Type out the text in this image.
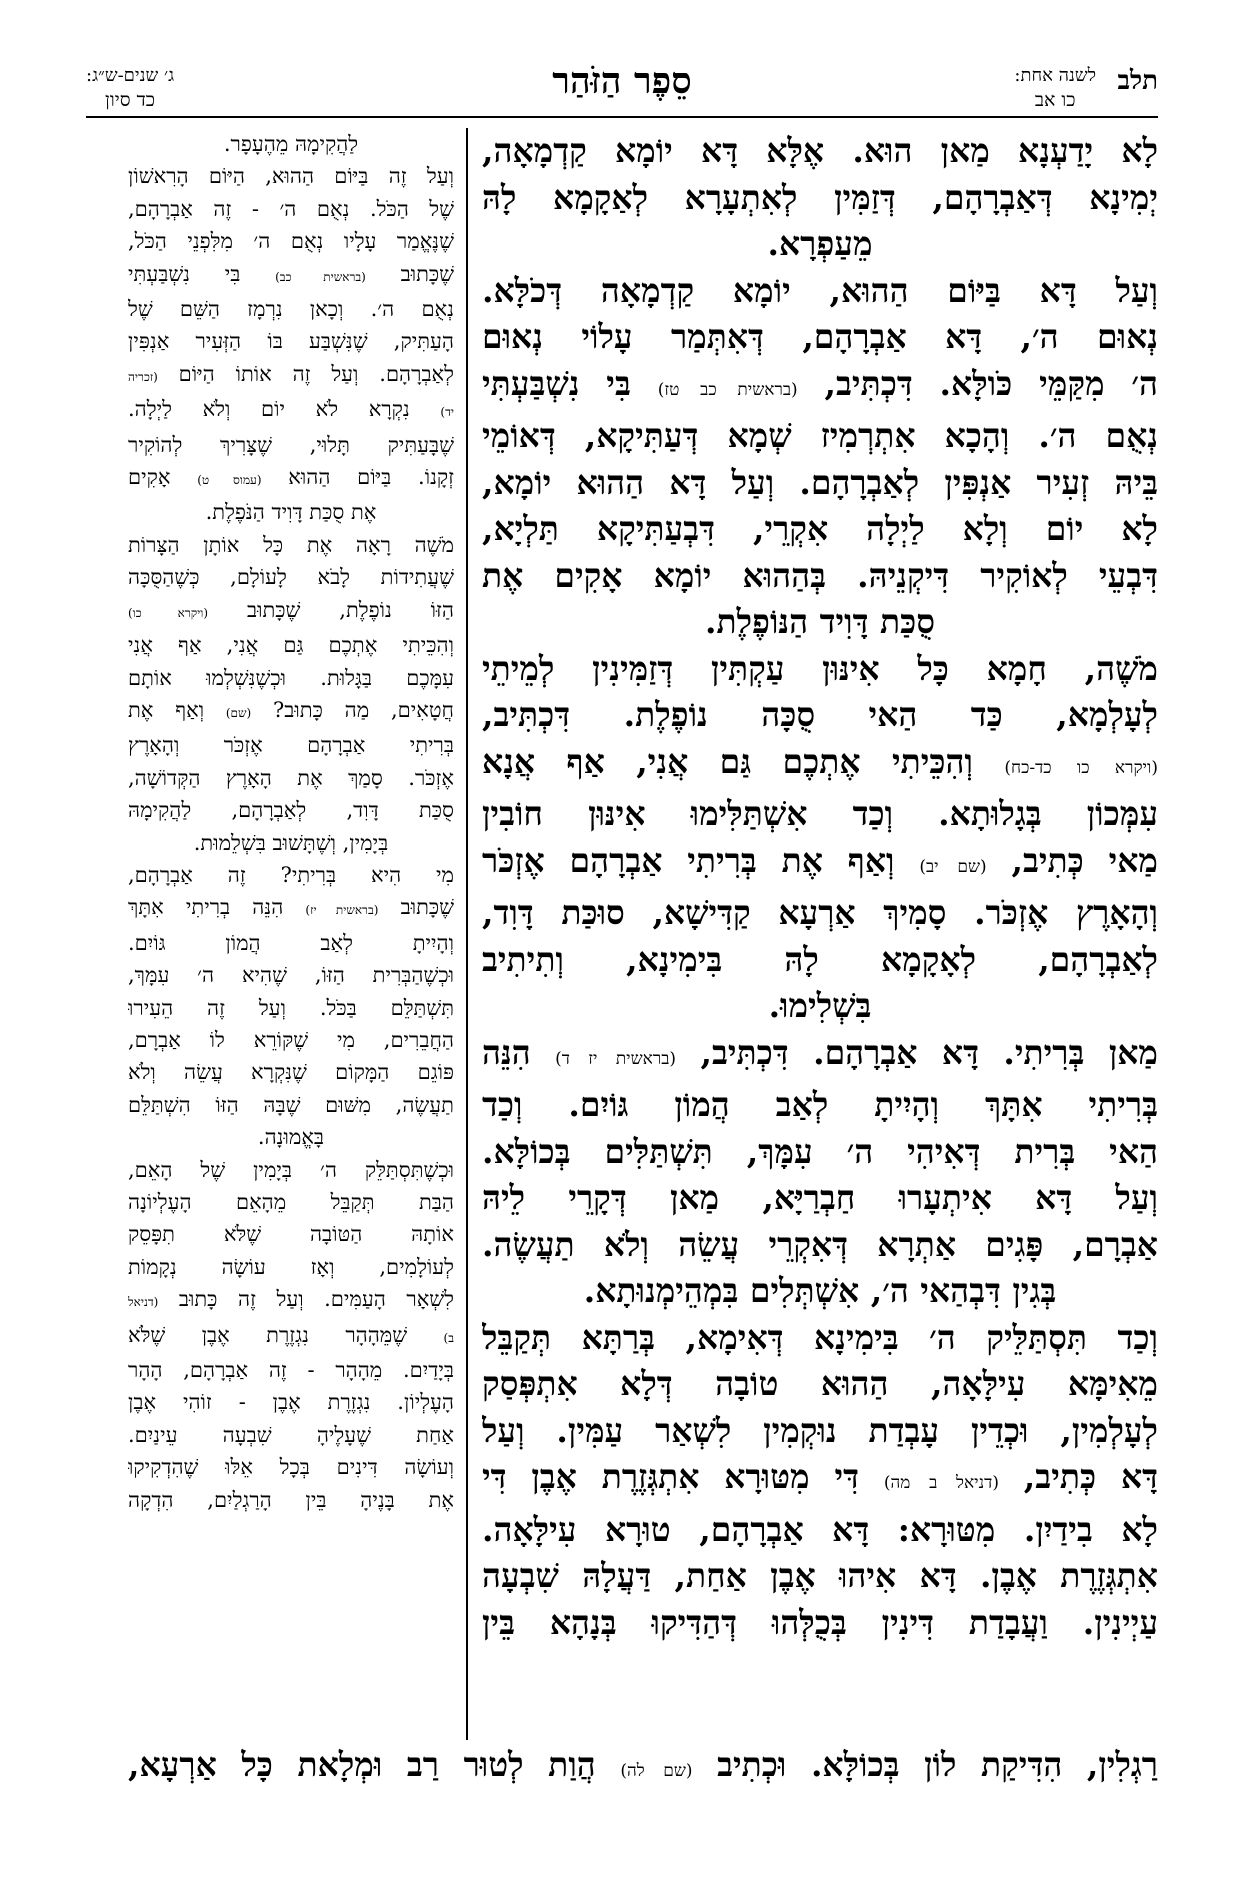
תלב
לשנה אחת:
כו אב
סֵפֶר הַזֹּהַר
ג׳ שנים-ש״ג:
כד סיון
לָא יָדַעְנָא מַאן הוּא. אֶלָּא דָּא יוֹמָא קַדְמָאָה,
יְמִינָא דְּאַבְרָהָם, דְּזַמִּין לְאִתְעָרָא לְאַקָמָא לָהּ
מֵעַפְרָא.
וְעַל דָּא בַּיּוֹם הַהוּא, יוֹמָא קַדְמָאָה דְּכֹלָּא.
נְאוּם ה׳, דָּא אַבְרָהָם, דְּאִתְּמַר עָלוֹי נְאוּם
ה׳ מִקַּמֵּי כֹּולָּא. דִּכְתִּיב, (בראשית כב טז) בִּי נִשְׁבַּעְתִּי
נְאֻם ה׳. וְהָכָא אִתְרְמִיז שְׁמָא דְּעַתִּיקָא, דְּאוֹמֵי
בֵּיהּ זְעִיר אַנְפִּין לְאַבְרָהָם. וְעַל דָּא הַהוּא יוֹמָא,
לָא יוֹם וְלָא לַיְלָה אִקְרֵי, דִּבְעַתִּיקָא תַּלְיָא,
דִּבְעֵי לְאוֹקִיר דִּיקְנֵיהּ. בְּהַהוּא יוֹמָא אָקִים אֶת
סֻכַּת דָּוִיד הַנּוֹפֶלֶת.
מֹשֶׁה, חָמָא כָּל אִינּוּן עַקְתִּין דְּזַמִּינִין לְמֵיתֵי
לְעָלְמָא, כַּד הַאי סֻכָּה נוֹפֶלֶת. דִּכְתִּיב,
(ויקרא כו כד-כח) וְהִכֵּיתִי אֶתְכֶם גַּם אֲנִי, אַף אֲנָא
עִמְּכוֹן בְּגָלוּתָא. וְכַד אִשְׁתַּלִּימוּ אִינּוּן חוֹבִין
מַאי כְּתִיב, (שם יב) וְאַף אֶת בְּרִיתִי אַבְרָהָם אֶזְכֹּר
וְהָאָרֶץ אֶזְכֹּר. סָמִיךְ אַרְעָא קַדִּישָׁא, סוּכַּת דָּוִד,
לְאַבְרָהָם, לְאָקָמָא לָהּ בִּימִינָא, וְתִיתִיב
בִּשְׁלִימוּ.
מַאן בְּרִיתִי. דָּא אַבְרָהָם. דִּכְתִּיב, (בראשית יז ד) הִנֵּה
בְּרִיתִי אִתָּךְ וְהָיִיתָ לְאַב הֲמוֹן גּוֹיִם. וְכַד
הַאי בְּרִית דְּאִיהִי ה׳ עִמָּךְ, תִּשְׁתַּלִּים בְּכוֹלָּא.
וְעַל דָּא אִיתְעָרוּ חַבְרַיָּא, מַאן דְּקָרֵי לֵיהּ
אַבְרָם, פָּגִים אַתְרָא דְּאִקְרֵי עֲשֵׂה וְלֹא תַעֲשֶׂה.
בְּגִין דִּבְהַאי ה׳, אִשְׁתְּלִים בִּמְהֵימְנוּתָא.
וְכַד תִּסְתַּלֵּיק ה׳ בִּימִינָא דְּאִימָא, בְּרַתָּא תְּקַבֵּל
מֵאִימָּא עִילָּאָה, הַהוּא טוֹבָה דְּלָא אִתְפְּסַק
לְעָלְמִין, וּכְדֵין עָבְדַת נוּקְמִין לִשְׁאַר עַמִּין. וְעַל
דָּא כְּתִיב, (דניאל ב מה) דִּי מִטּוּרָא אִתְגְּזֶרֶת אֶבֶן דִּי
לָא בִידַיִן. מִטּוּרָא: דָּא אַבְרָהָם, טוּרָא עִילָּאָה.
אִתְגְּזֶרֶת אֶבֶן. דָּא אִיהוּ אֶבֶן אַחַת, דַּעֲלָהּ שִׁבְעָה
עַיְינִין. וַעֲבָדַת דִּינִין בְּכֻלְּהוּ דְּהַדִּיקוּ בְּנָהָא בֵּין
לַהֲקִימָהּ מֵהֶעָפָר.
וְעַל זֶה בַּיּוֹם הַהוּא, הַיּוֹם הָרִאשׁוֹן
שֶׁל הַכֹּל. נְאֻם ה׳ - זֶה אַבְרָהָם,
שֶׁנֶּאֱמַר עָלָיו נְאֻם ה׳ מִלִּפְנֵי הַכֹּל,
שֶׁכָּתוּב (בראשית כב) בִּי נִשְׁבַּעְתִּי
נְאֻם ה׳. וְכָאן נִרְמָז הַשֵּׁם שֶׁל
הָעַתִּיק, שֶׁנִּשְׁבַּע בּוֹ הַזְּעִיר אַנְפִּין
לְאַבְרָהָם. וְעַל זֶה אוֹתוֹ הַיּוֹם (זכריה
יד) נִקְרָא לֹא יוֹם וְלֹא לַיְלָה.
שֶׁבָּעַתִּיק תָּלוּי, שֶׁצָּרִיךְ לְהוֹקִיר
זְקָנוֹ. בַּיּוֹם הַהוּא (עמוס ט) אָקִים
אֶת סֻכַּת דָּוִיד הַנֹּפֶלֶת.
מֹשֶׁה רָאָה אֶת כָּל אוֹתָן הַצָּרוֹת
שֶׁעֲתִידוֹת לָבֹא לָעוֹלָם, כְּשֶׁהַסֻּכָּה
הַזּוֹ נוֹפֶלֶת, שֶׁכָּתוּב (ויקרא כו)
וְהִכֵּיתִי אֶתְכֶם גַּם אֲנִי, אַף אֲנִי
עִמָּכֶם בַּגָּלוּת. וּכְשֶׁנִּשְׁלְמוּ אוֹתָם
חֲטָאִים, מַה כָּתוּב? (שם) וְאַף אֶת
בְּרִיתִי אַבְרָהָם אֶזְכֹּר וְהָאָרֶץ
אֶזְכֹּר. סָמַךְ אֶת הָאָרֶץ הַקְּדוֹשָׁה,
סֻכַּת דָּוִד, לְאַבְרָהָם, לַהֲקִימָהּ
בְּיָמִין, וְשֶׁתָּשׁוּב בִּשְׁלֵמוּת.
מִי הִיא בְּרִיתִי? זֶה אַבְרָהָם,
שֶׁכָּתוּב (בראשית יז) הִנֵּה בְרִיתִי אִתָּךְ
וְהָיִיתָ לְאַב הֲמוֹן גּוֹיִם.
וּכְשֶׁהַבְּרִית הַזּוֹ, שֶׁהִיא ה׳ עִמָּךְ,
תִּשְׁתַּלֵּם בַּכֹּל. וְעַל זֶה הֵעִירוּ
הַחֲבֵרִים, מִי שֶׁקּוֹרֵא לוֹ אַבְרָם,
פּוֹגֵם הַמָּקוֹם שֶׁנִּקְרָא עֲשֵׂה וְלֹא
תַעֲשֶׂה, מִשּׁוּם שֶׁבָּהּ הַזּוֹ הִשְׁתַּלֵּם
בָּאֱמוּנָה.
וּכְשֶׁתִּסְתַּלֵּק ה׳ בְּיָמִין שֶׁל הָאֵם,
הַבַּת תְּקַבֵּל מֵהָאֵם הָעֶלְיוֹנָה
אוֹתָהּ הַטּוֹבָה שֶׁלֹּא תִפָּסֵק
לְעוֹלָמִים, וְאָז עוֹשָׂה נְקָמוֹת
לִשְׁאָר הָעַמִּים. וְעַל זֶה כָּתוּב (דניאל
ב) שֶׁמֵּהָהָר נִגְזֶרֶת אֶבֶן שֶׁלֹּא
בְּיָדַיִם. מֵהָהָר - זֶה אַבְרָהָם, הָהָר
הָעֶלְיוֹן. נִגְזֶרֶת אֶבֶן - זוֹהִי אֶבֶן
אַחַת שֶׁעָלֶיהָ שִׁבְעָה עֵינַיִם.
וְעוֹשָׂה דִּינִים בְּכָל אֵלּוּ שֶׁהִדְקִיקוּ
אֶת בָּנֶיהָ בֵּין הָרַגְלַיִם, הִדְקָה
רַגְלִין, הִדִּיקַת לוֹן בְּכוֹלָּא. וּכְתִיב (שם לה) הֲוַת לְטוּר רַב וּמְלָאת כָּל אַרְעָא,
